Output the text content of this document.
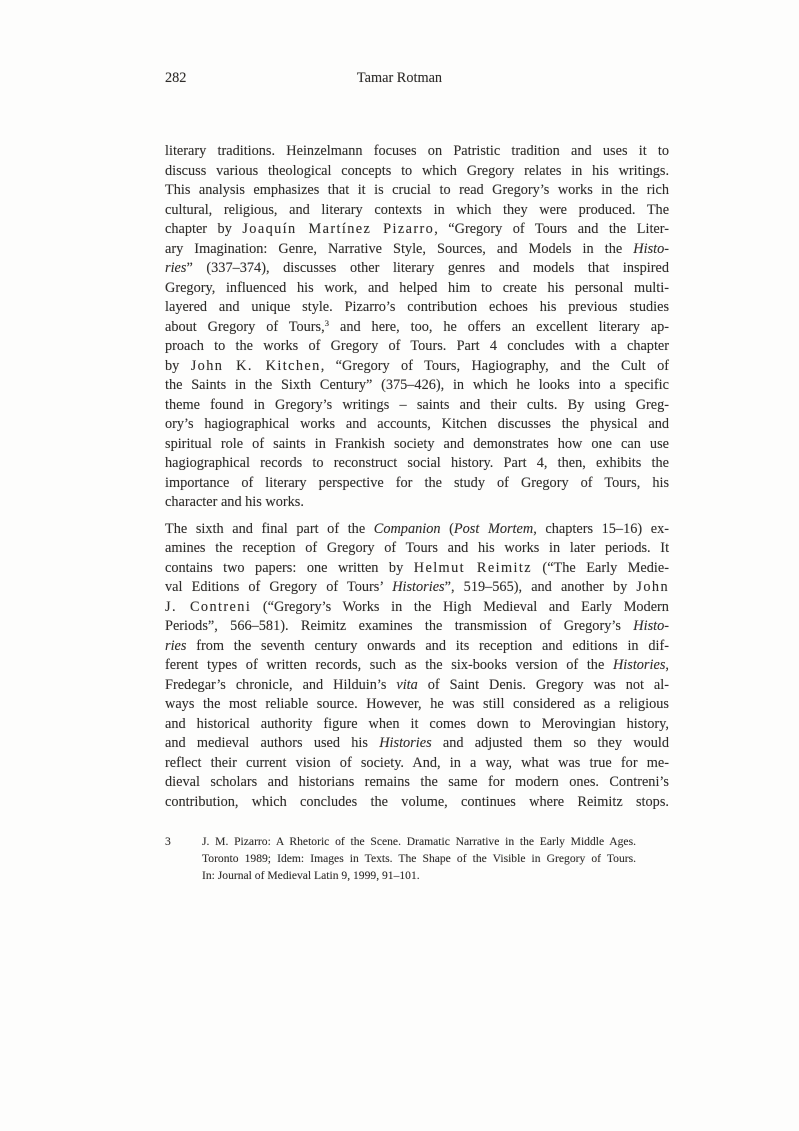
282	Tamar Rotman
literary traditions. Heinzelmann focuses on Patristic tradition and uses it to
discuss various theological concepts to which Gregory relates in his writings.
This analysis emphasizes that it is crucial to read Gregory’s works in the rich
cultural, religious, and literary contexts in which they were produced. The
chapter by Joaquín Martínez Pizarro, “Gregory of Tours and the Liter-
ary Imagination: Genre, Narrative Style, Sources, and Models in the Histo-
ries” (337–374), discusses other literary genres and models that inspired
Gregory, influenced his work, and helped him to create his personal multi-
layered and unique style. Pizarro’s contribution echoes his previous studies
about Gregory of Tours,$^3$ and here, too, he offers an excellent literary ap-
proach to the works of Gregory of Tours. Part 4 concludes with a chapter
by John K. Kitchen, “Gregory of Tours, Hagiography, and the Cult of
the Saints in the Sixth Century” (375–426), in which he looks into a specific
theme found in Gregory’s writings – saints and their cults. By using Greg-
ory’s hagiographical works and accounts, Kitchen discusses the physical and
spiritual role of saints in Frankish society and demonstrates how one can use
hagiographical records to reconstruct social history. Part 4, then, exhibits the
importance of literary perspective for the study of Gregory of Tours, his
character and his works.
The sixth and final part of the Companion (Post Mortem, chapters 15–16) ex-
amines the reception of Gregory of Tours and his works in later periods. It
contains two papers: one written by Helmut Reimitz (“The Early Medie-
val Editions of Gregory of Tours’ Histories”, 519–565), and another by John
J. Contreni (“Gregory’s Works in the High Medieval and Early Modern
Periods”, 566–581). Reimitz examines the transmission of Gregory’s Histo-
ries from the seventh century onwards and its reception and editions in dif-
ferent types of written records, such as the six-books version of the Histories,
Fredegar’s chronicle, and Hilduin’s vita of Saint Denis. Gregory was not al-
ways the most reliable source. However, he was still considered as a religious
and historical authority figure when it comes down to Merovingian history,
and medieval authors used his Histories and adjusted them so they would
reflect their current vision of society. And, in a way, what was true for me-
dieval scholars and historians remains the same for modern ones. Contreni’s
contribution, which concludes the volume, continues where Reimitz stops.
3	J. M. Pizarro: A Rhetoric of the Scene. Dramatic Narrative in the Early Middle Ages.
Toronto 1989; Idem: Images in Texts. The Shape of the Visible in Gregory of Tours.
In: Journal of Medieval Latin 9, 1999, 91–101.
